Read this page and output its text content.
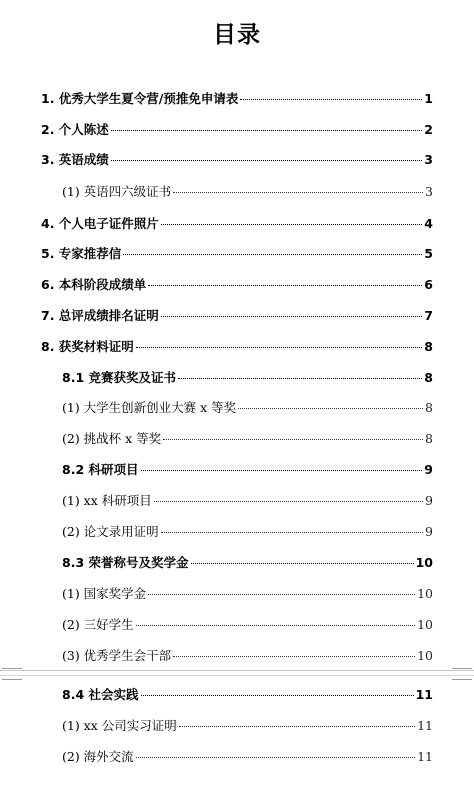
目录
1. 优秀大学生夏令营/预推免申请表	1
2. 个人陈述	2
3. 英语成绩	3
(1) 英语四六级证书	3
4. 个人电子证件照片	4
5. 专家推荐信	5
6. 本科阶段成绩单	6
7. 总评成绩排名证明	7
8. 获奖材料证明	8
8.1 竞赛获奖及证书	8
(1) 大学生创新创业大赛 x 等奖	8
(2) 挑战杯 x 等奖	8
8.2 科研项目	9
(1) xx 科研项目	9
(2) 论文录用证明	9
8.3 荣誉称号及奖学金	10
(1) 国家奖学金	10
(2) 三好学生	10
(3) 优秀学生会干部	10
8.4 社会实践	11
(1) xx 公司实习证明	11
(2) 海外交流	11
